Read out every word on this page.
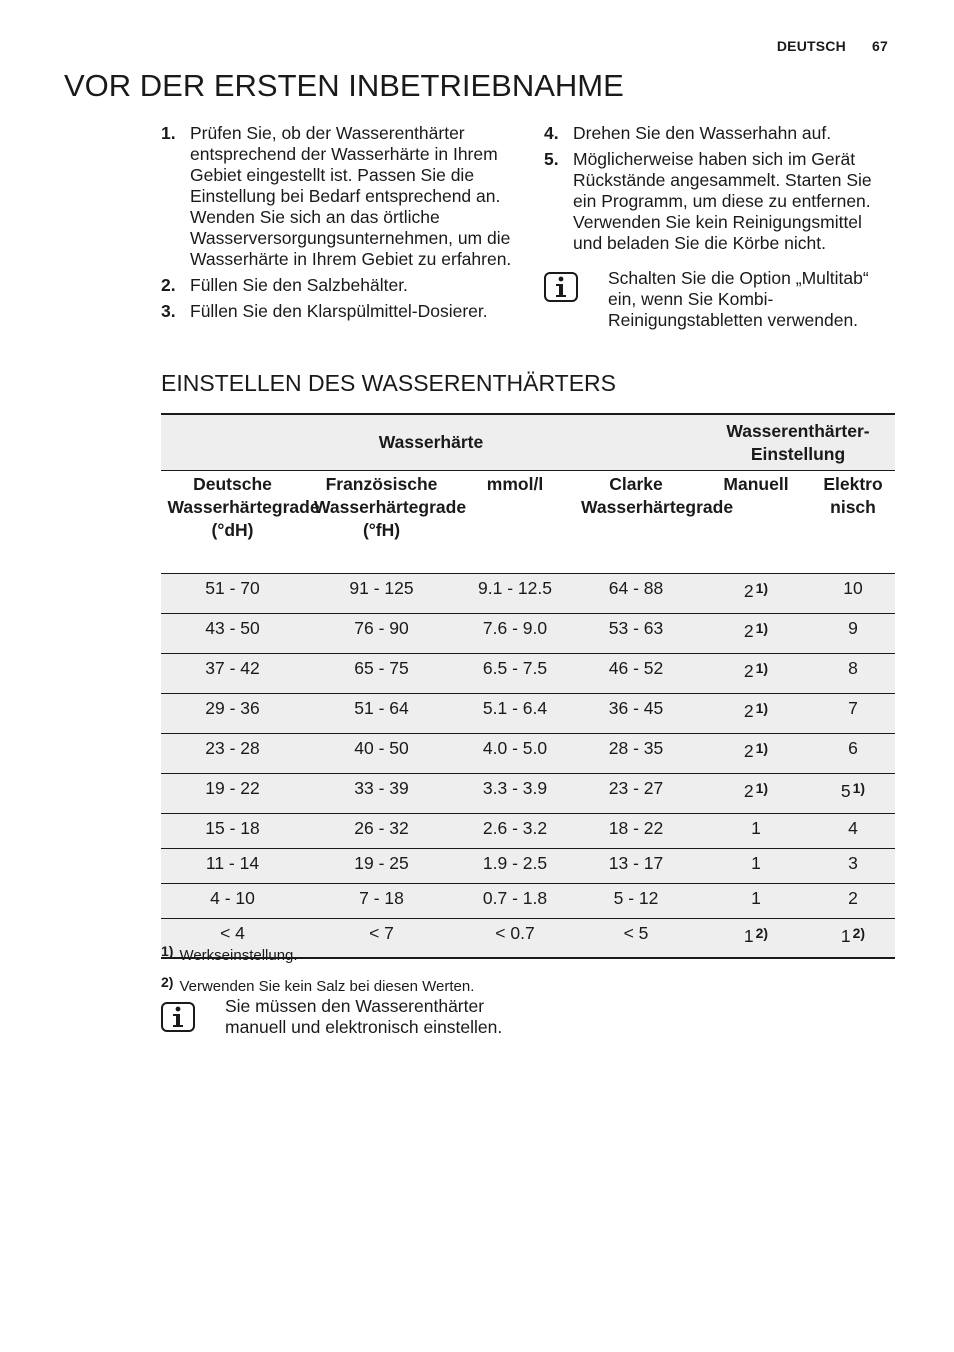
DEUTSCH 67
VOR DER ERSTEN INBETRIEBNAHME
1. Prüfen Sie, ob der Wasserenthärter entsprechend der Wasserhärte in Ihrem Gebiet eingestellt ist. Passen Sie die Einstellung bei Bedarf entsprechend an. Wenden Sie sich an das örtliche Wasserversorgungsunternehmen, um die Wasserhärte in Ihrem Gebiet zu erfahren.
2. Füllen Sie den Salzbehälter.
3. Füllen Sie den Klarspülmittel-Dosierer.
4. Drehen Sie den Wasserhahn auf.
5. Möglicherweise haben sich im Gerät Rückstände angesammelt. Starten Sie ein Programm, um diese zu entfernen. Verwenden Sie kein Reinigungsmittel und beladen Sie die Körbe nicht.
Schalten Sie die Option „Multitab“ ein, wenn Sie Kombi-Reinigungstabletten verwenden.
EINSTELLEN DES WASSERENTHÄRTERS
Wasserhärte				Wasserenthärter-Einstellung	

Deutsche Wasserhärtegrade (°dH)	Französische Wasserhärtegrade (°fH)	mmol/l	Clarke Wasserhärtegrade	Manuell	Elektronisch

51 - 70	91 - 125	9.1 - 12.5	64 - 88	2 $^{1)}$	10
43 - 50	76 - 90	7.6 - 9.0	53 - 63	2 $^{1)}$	9
37 - 42	65 - 75	6.5 - 7.5	46 - 52	2 $^{1)}$	8
29 - 36	51 - 64	5.1 - 6.4	36 - 45	2 $^{1)}$	7
23 - 28	40 - 50	4.0 - 5.0	28 - 35	2 $^{1)}$	6
19 - 22	33 - 39	3.3 - 3.9	23 - 27	2 $^{1)}$	5 $^{1)}$
15 - 18	26 - 32	2.6 - 3.2	18 - 22	1	4
11 - 14	19 - 25	1.9 - 2.5	13 - 17	1	3
4 - 10	7 - 18	0.7 - 1.8	5 - 12	1	2
< 4	< 7	< 0.7	< 5	1 $^{2)}$	1 $^{2)}$
$^{1)}$ Werkseinstellung.
$^{2)}$ Verwenden Sie kein Salz bei diesen Werten.
Sie müssen den Wasserenthärter manuell und elektronisch einstellen.
